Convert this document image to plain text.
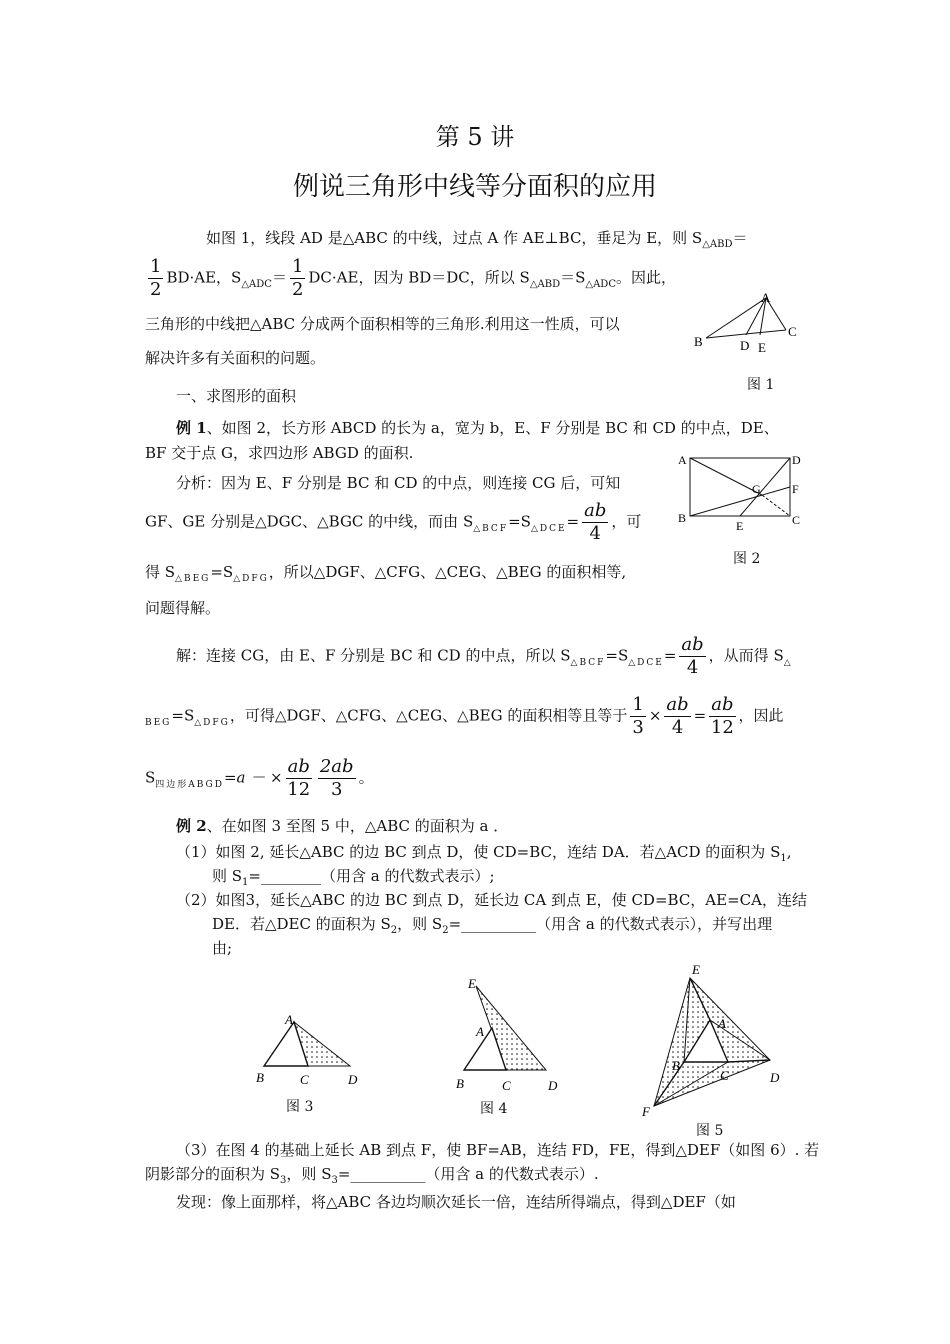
第 5 讲
例说三角形中线等分面积的应用
如图 1，线段 AD 是△ABC 的中线，过点 A 作 AE⊥BC，垂足为 E，则 $S_{\triangle ABD}=$
$\frac{1}{2} BD\cdot AE$，$S_{\triangle ADC}= \frac{1}{2} DC\cdot AE$，因为 BD＝DC，所以 $S_{\triangle ABD}=S_{\triangle ADC}$。因此，
三角形的中线把△ABC 分成两个面积相等的三角形.利用这一性质，可以
解决许多有关面积的问题。
A
B
C
D E
图 1
一、求图形的面积
例 1、如图 2，长方形 ABCD 的长为 a，宽为 b，E、F 分别是 BC 和 CD 的中点，DE、
BF 交于点 G，求四边形 ABGD 的面积.
分析：因为 E、F 分别是 BC 和 CD 的中点，则连接 CG 后，可知
GF、GE 分别是△DGC、△BGC 的中线，而由 $S_{\triangle BCF}=S_{\triangle DCE}= \frac{ab}{4}$ ，可
得 $S_{\triangle BEG}=S_{\triangle DFG}$，所以△DGF、△CFG、△CEG、△BEG 的面积相等,
问题得解。
A	D
B	C
F
E
G
图 2
解：连接 CG，由 E、F 分别是 BC 和 CD 的中点，所以 $S_{\triangle BCF}=S_{\triangle DCE}= \frac{ab}{4}$ ，从而得 $S_\triangle$
$_{BEG}=S_{\triangle DFG}$，可得△DGF、△CFG、△CEG、△BEG 的面积相等且等于 $\frac{1}{3} \times \frac{ab}{4} = \frac{ab}{12}$ ，因此
$S_{四边形ABGD}=a$ － × $\frac{ab}{12} \frac{2ab}{3}$ 。
例 2、在如图 3 至图 5 中，△ABC 的面积为 a ．
（1）如图 2, 延长△ABC 的边 BC 到点 D，使 CD=BC，连结 DA．若△ACD 的面积为 $S_1$,
则 $S_1=\_\_\_\_\_\_\_\_$（用含 a 的代数式表示）;
（2）如图3，延长△ABC 的边 BC 到点 D，延长边 CA 到点 E，使 CD=BC，AE=CA，连结
DE．若△DEC 的面积为 $S_2$，则 $S_2=\_\_\_\_\_\_\_\_\_\_$（用含 a 的代数式表示），并写出理
由;
A
B	C	D
图 3
E
A
B	C	D
图 4
E
A
B
C	D
F
图 5
（3）在图 4 的基础上延长 AB 到点 F，使 BF=AB，连结 FD，FE，得到△DEF（如图 6）. 若
阴影部分的面积为 $S_3$，则 $S_3=\_\_\_\_\_\_\_\_\_\_$（用含 a 的代数式表示）.
发现：像上面那样，将△ABC 各边均顺次延长一倍，连结所得端点，得到△DEF（如
